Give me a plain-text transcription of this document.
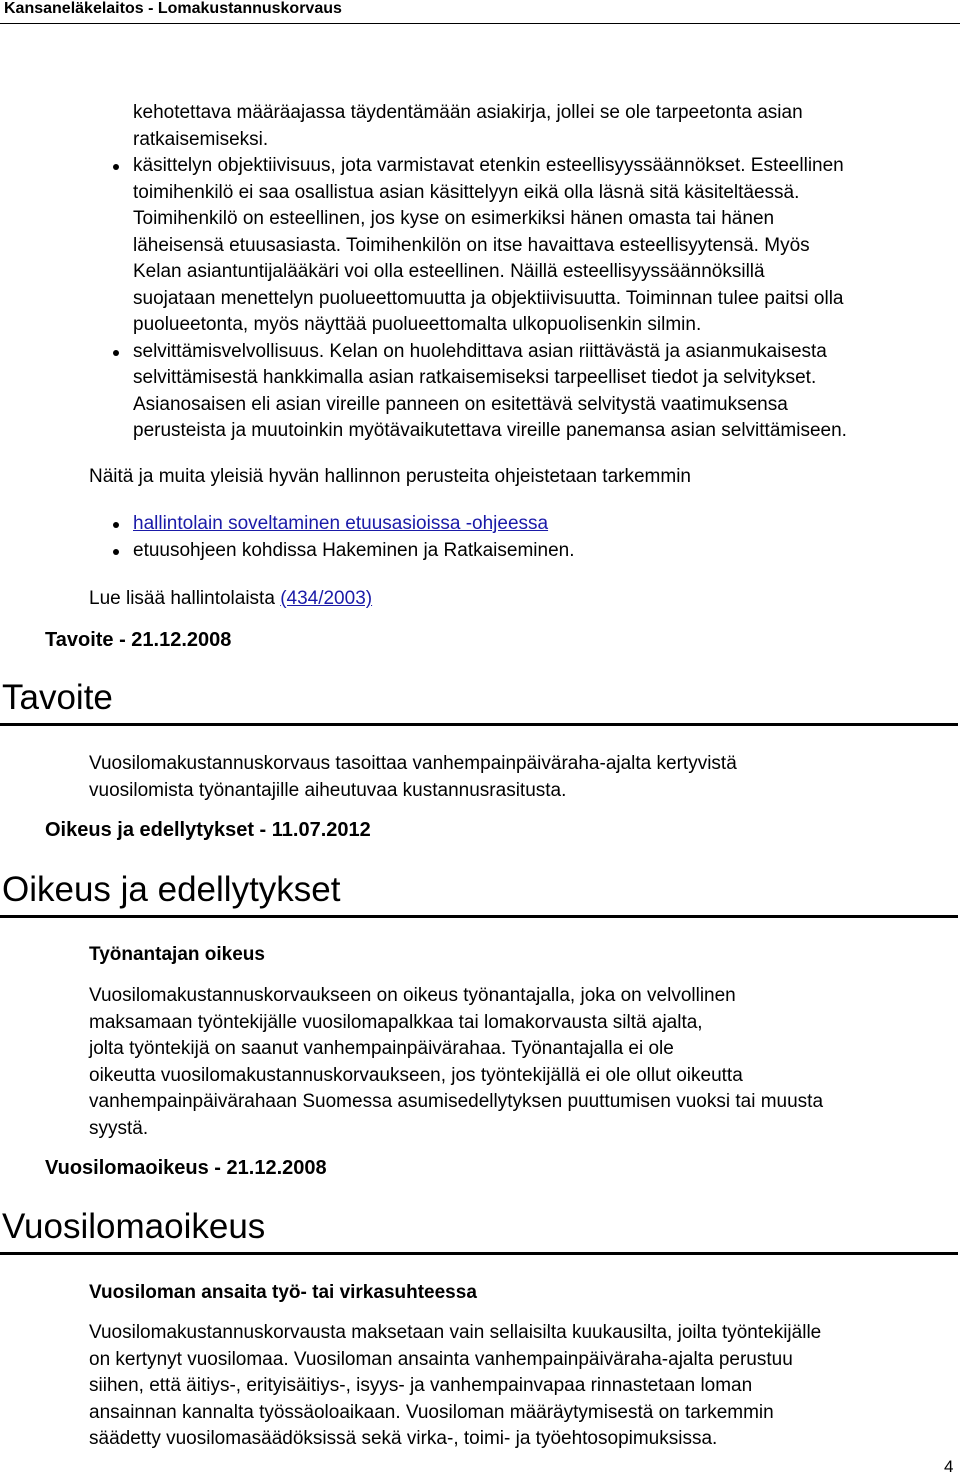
Kansaneläkelaitos - Lomakustannuskorvaus
kehotettava määräajassa täydentämään asiakirja, jollei se ole tarpeetonta asian
ratkaisemiseksi.
käsittelyn objektiivisuus, jota varmistavat etenkin esteellisyyssäännökset. Esteellinen
toimihenkilö ei saa osallistua asian käsittelyyn eikä olla läsnä sitä käsiteltäessä.
Toimihenkilö on esteellinen, jos kyse on esimerkiksi hänen omasta tai hänen
läheisensä etuusasiasta. Toimihenkilön on itse havaittava esteellisyytensä. Myös
Kelan asiantuntijalääkäri voi olla esteellinen. Näillä esteellisyyssäännöksillä
suojataan menettelyn puolueettomuutta ja objektiivisuutta. Toiminnan tulee paitsi olla
puolueetonta, myös näyttää puolueettomalta ulkopuolisenkin silmin.
selvittämisvelvollisuus. Kelan on huolehdittava asian riittävästä ja asianmukaisesta
selvittämisestä hankkimalla asian ratkaisemiseksi tarpeelliset tiedot ja selvitykset.
Asianosaisen eli asian vireille panneen on esitettävä selvitystä vaatimuksensa
perusteista ja muutoinkin myötävaikutettava vireille panemansa asian selvittämiseen.
Näitä ja muita yleisiä hyvän hallinnon perusteita ohjeistetaan tarkemmin
hallintolain soveltaminen etuusasioissa -ohjeessa
etuusohjeen kohdissa Hakeminen ja Ratkaiseminen.
Lue lisää hallintolaista (434/2003)
Tavoite - 21.12.2008
Tavoite
Vuosilomakustannuskorvaus tasoittaa vanhempainpäiväraha-ajalta kertyvistä
vuosilomista työnantajille aiheutuvaa kustannusrasitusta.
Oikeus ja edellytykset - 11.07.2012
Oikeus ja edellytykset
Työnantajan oikeus
Vuosilomakustannuskorvaukseen on oikeus työnantajalla, joka on velvollinen
maksamaan työntekijälle vuosilomapalkkaa tai lomakorvausta siltä ajalta,
jolta työntekijä on saanut vanhempainpäivärahaa. Työnantajalla ei ole
oikeutta vuosilomakustannuskorvaukseen, jos työntekijällä ei ole ollut oikeutta
vanhempainpäivärahaan Suomessa asumisedellytyksen puuttumisen vuoksi tai muusta
syystä.
Vuosilomaoikeus - 21.12.2008
Vuosilomaoikeus
Vuosiloman ansaita työ- tai virkasuhteessa
Vuosilomakustannuskorvausta maksetaan vain sellaisilta kuukausilta, joilta työntekijälle
on kertynyt vuosilomaa. Vuosiloman ansainta vanhempainpäiväraha-ajalta perustuu
siihen, että äitiys-, erityisäitiys-, isyys- ja vanhempainvapaa rinnastetaan loman
ansainnan kannalta työssäoloaikaan. Vuosiloman määräytymisestä on tarkemmin
säädetty vuosilomasäädöksissä sekä virka-, toimi- ja työehtosopimuksissa.
4
